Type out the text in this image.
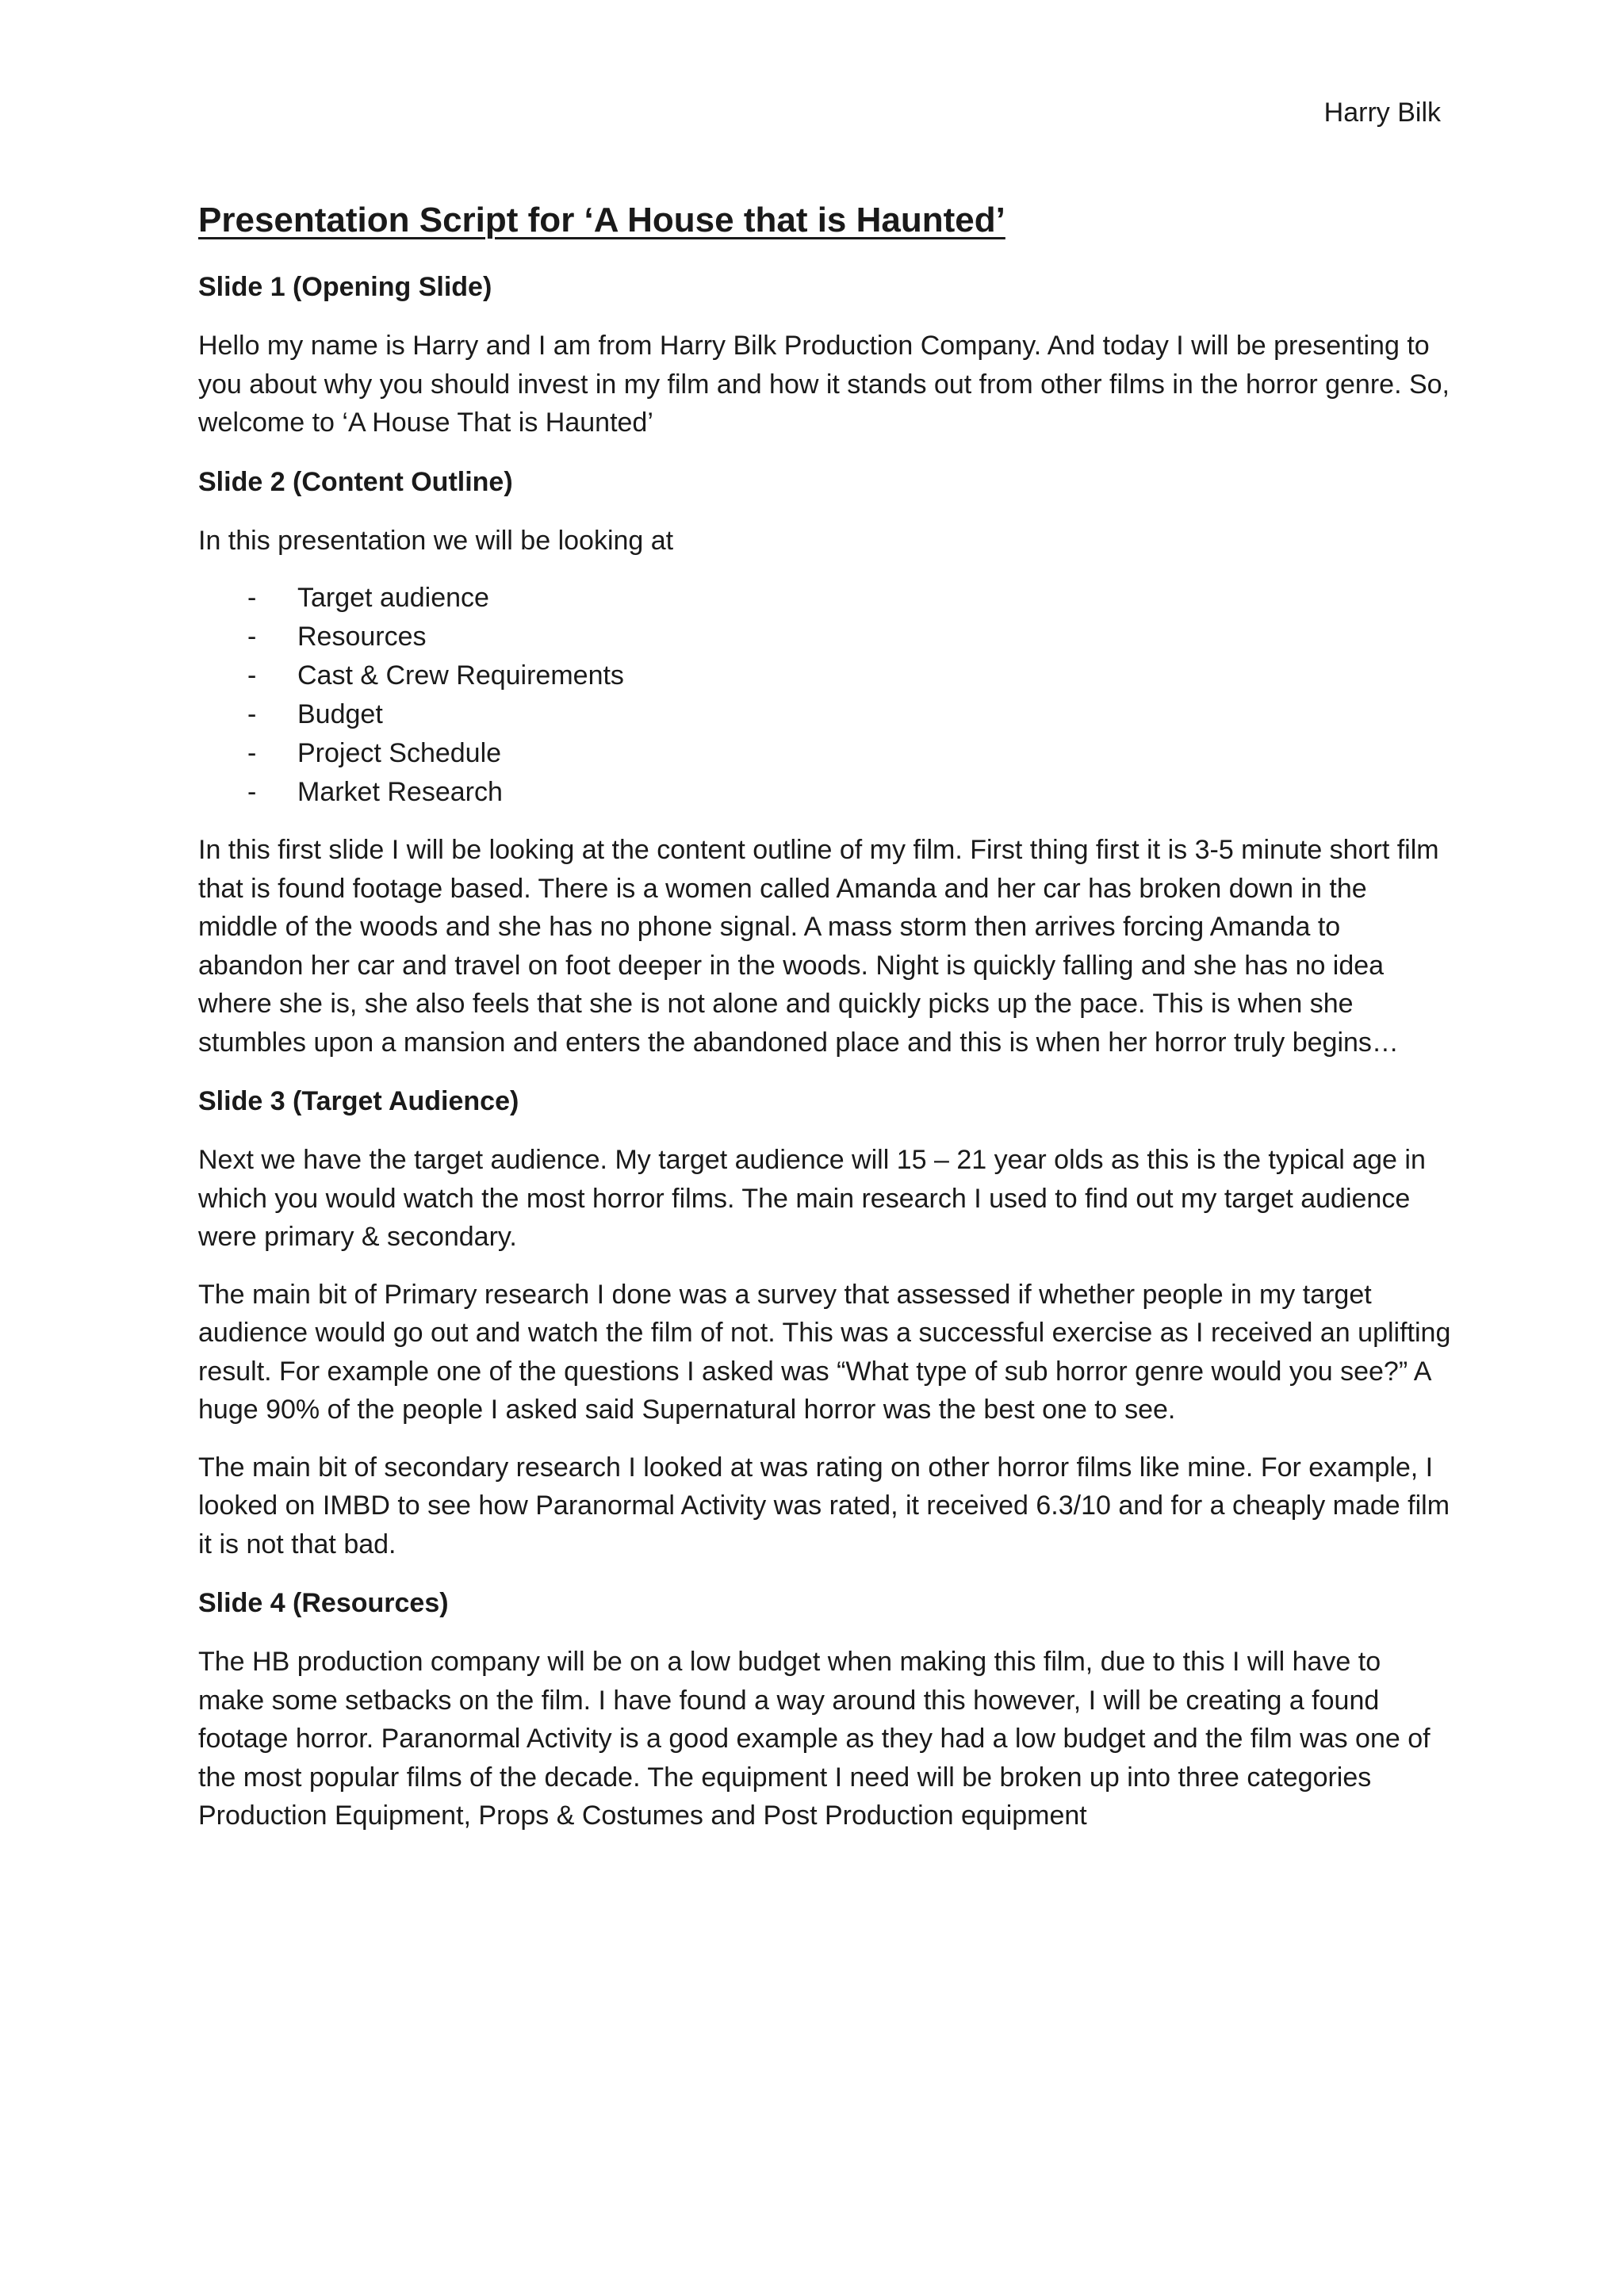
Harry Bilk
Presentation Script for ‘A House that is Haunted’
Slide 1 (Opening Slide)

Hello my name is Harry and I am from Harry Bilk Production Company. And today I will be presenting to you about why you should invest in my film and how it stands out from other films in the horror genre. So, welcome to ‘A House That is Haunted’

Slide 2 (Content Outline)

In this presentation we will be looking at

- Target audience
- Resources
- Cast & Crew Requirements
- Budget
- Project Schedule
- Market Research

In this first slide I will be looking at the content outline of my film. First thing first it is 3-5 minute short film that is found footage based. There is a women called Amanda and her car has broken down in the middle of the woods and she has no phone signal. A mass storm then arrives forcing Amanda to abandon her car and travel on foot deeper in the woods. Night is quickly falling and she has no idea where she is, she also feels that she is not alone and quickly picks up the pace. This is when she stumbles upon a mansion and enters the abandoned place and this is when her horror truly begins…

Slide 3 (Target Audience)

Next we have the target audience. My target audience will 15 – 21 year olds as this is the typical age in which you would watch the most horror films. The main research I used to find out my target audience were primary & secondary.

The main bit of Primary research I done was a survey that assessed if whether people in my target audience would go out and watch the film of not. This was a successful exercise as I received an uplifting result. For example one of the questions I asked was “What type of sub horror genre would you see?” A huge 90% of the people I asked said Supernatural horror was the best one to see.

The main bit of secondary research I looked at was rating on other horror films like mine. For example, I looked on IMBD to see how Paranormal Activity was rated, it received 6.3/10 and for a cheaply made film it is not that bad.

Slide 4 (Resources)

The HB production company will be on a low budget when making this film, due to this I will have to make some setbacks on the film. I have found a way around this however, I will be creating a found footage horror. Paranormal Activity is a good example as they had a low budget and the film was one of the most popular films of the decade. The equipment I need will be broken up into three categories Production Equipment, Props & Costumes and Post Production equipment
